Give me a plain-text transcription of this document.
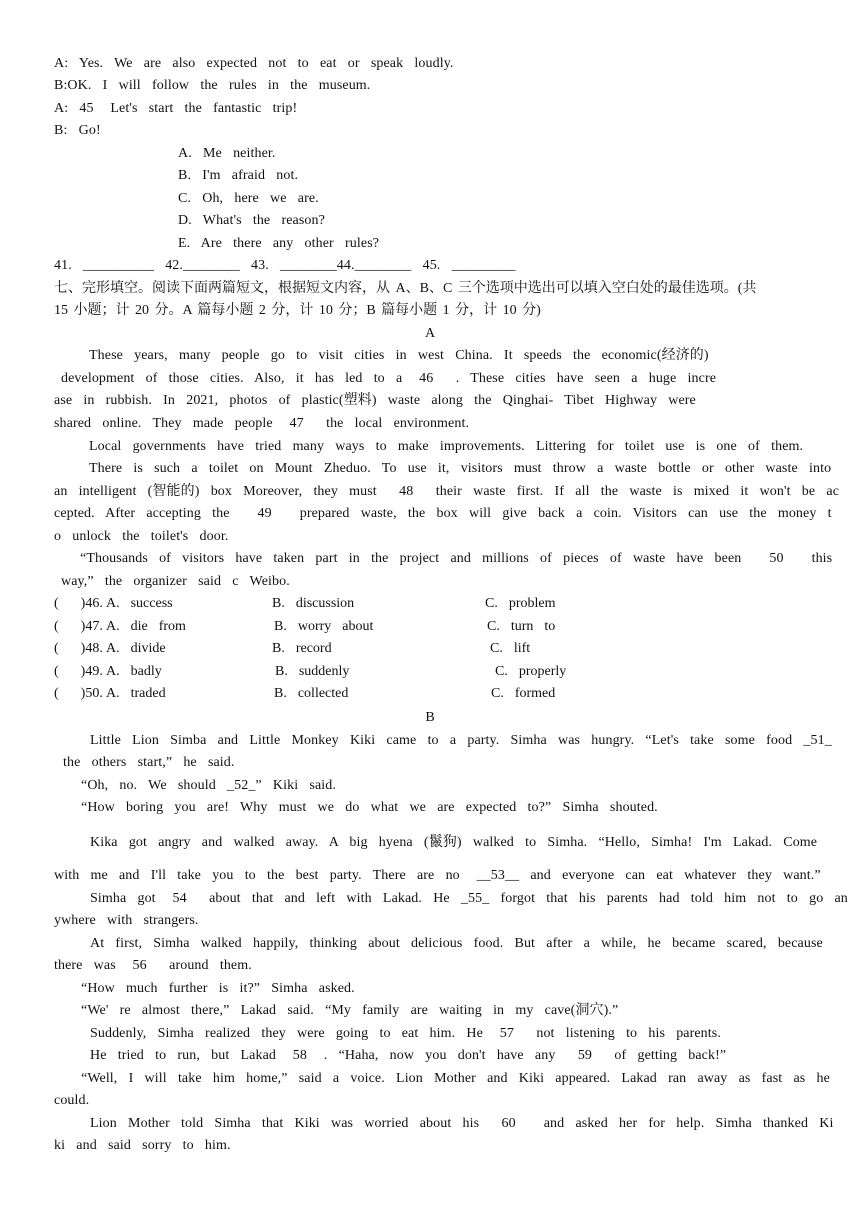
A:  Yes.  We  are  also  expected  not  to  eat  or  speak  loudly.
B:OK.  I  will  follow  the  rules  in  the  museum.
A:  45   Let's  start  the  fantastic  trip!
B:  Go!
A.  Me  neither.
B.  I'm  afraid  not.
C.  Oh,  here  we  are.
D.  What's  the  reason?
E.  Are  there  any  other  rules?
41.  __________  42.________  43.  ________44.________  45.  _________
七、完形填空。阅读下面两篇短文，根据短文内容，从 A、B、C 三个选项中选出可以填入空白处的最佳选项。(共
15 小题；计 20 分。A 篇每小题 2 分，计 10 分；B 篇每小题 1 分，计 10 分)
A
These  years,  many  people  go  to  visit  cities  in  west  China.  It  speeds  the  economic(经济的)
development  of  those  cities.  Also,  it  has  led  to  a   46    .  These  cities  have  seen  a  huge  incre
ase  in  rubbish.  In  2021,  photos  of  plastic(塑料)  waste  along  the  Qinghai-  Tibet  Highway  were
shared  online.  They  made  people   47    the  local  environment.
Local  governments  have  tried  many  ways  to  make  improvements.  Littering  for  toilet  use  is  one  of  them.
There  is  such  a  toilet  on  Mount  Zheduo.  To  use  it,  visitors  must  throw  a  waste  bottle  or  other  waste  into
an  intelligent  (智能的)  box  Moreover,  they  must    48    their  waste  first.  If  all  the  waste  is  mixed  it  won't  be  ac
cepted.  After  accepting  the     49     prepared  waste,  the  box  will  give  back  a  coin.  Visitors  can  use  the  money  t
o  unlock  the  toilet's  door.
“Thousands  of  visitors  have  taken  part  in  the  project  and  millions  of  pieces  of  waste  have  been     50     this
way,”  the  organizer  said  c  Weibo.
(    )46. A.  success	B.  discussion	C.  problem
(    )47. A.  die  from	B.  worry  about	C.  turn  to
(    )48. A.  divide	B.  record	C.  lift
(    )49. A.  badly	B.  suddenly	C.  properly
(    )50. A.  traded	B.  collected	C.  formed
B
Little  Lion  Simba  and  Little  Monkey  Kiki  came  to  a  party.  Simha  was  hungry.  “Let's  take  some  food  _51_
the  others  start,”  he  said.
“Oh,  no.  We  should  _52_”  Kiki  said.
“How  boring  you  are!  Why  must  we  do  what  we  are  expected  to?”  Simha  shouted.
Kika  got  angry  and  walked  away.  A  big  hyena  (鬣狗)  walked  to  Simha.  “Hello,  Simha!  I'm  Lakad.  Come
with  me  and  I'll  take  you  to  the  best  party.  There  are  no   __53__  and  everyone  can  eat  whatever  they  want.”
Simha  got   54    about  that  and  left  with  Lakad.  He  _55_  forgot  that  his  parents  had  told  him  not  to  go  an
ywhere  with  strangers.
At  first,  Simha  walked  happily,  thinking  about  delicious  food.  But  after  a  while,  he  became  scared,  because
there  was   56    around  them.
“How  much  further  is  it?”  Simha  asked.
“We'  re  almost  there,”  Lakad  said.  “My  family  are  waiting  in  my  cave(洞穴).”
Suddenly,  Simha  realized  they  were  going  to  eat  him.  He   57    not  listening  to  his  parents.
He  tried  to  run,  but  Lakad   58   .  “Haha,  now  you  don't  have  any    59    of  getting  back!”
“Well,  I  will  take  him  home,”  said  a  voice.  Lion  Mother  and  Kiki  appeared.  Lakad  ran  away  as  fast  as  he
could.
Lion  Mother  told  Simha  that  Kiki  was  worried  about  his    60     and  asked  her  for  help.  Simha  thanked  Ki
ki  and  said  sorry  to  him.
